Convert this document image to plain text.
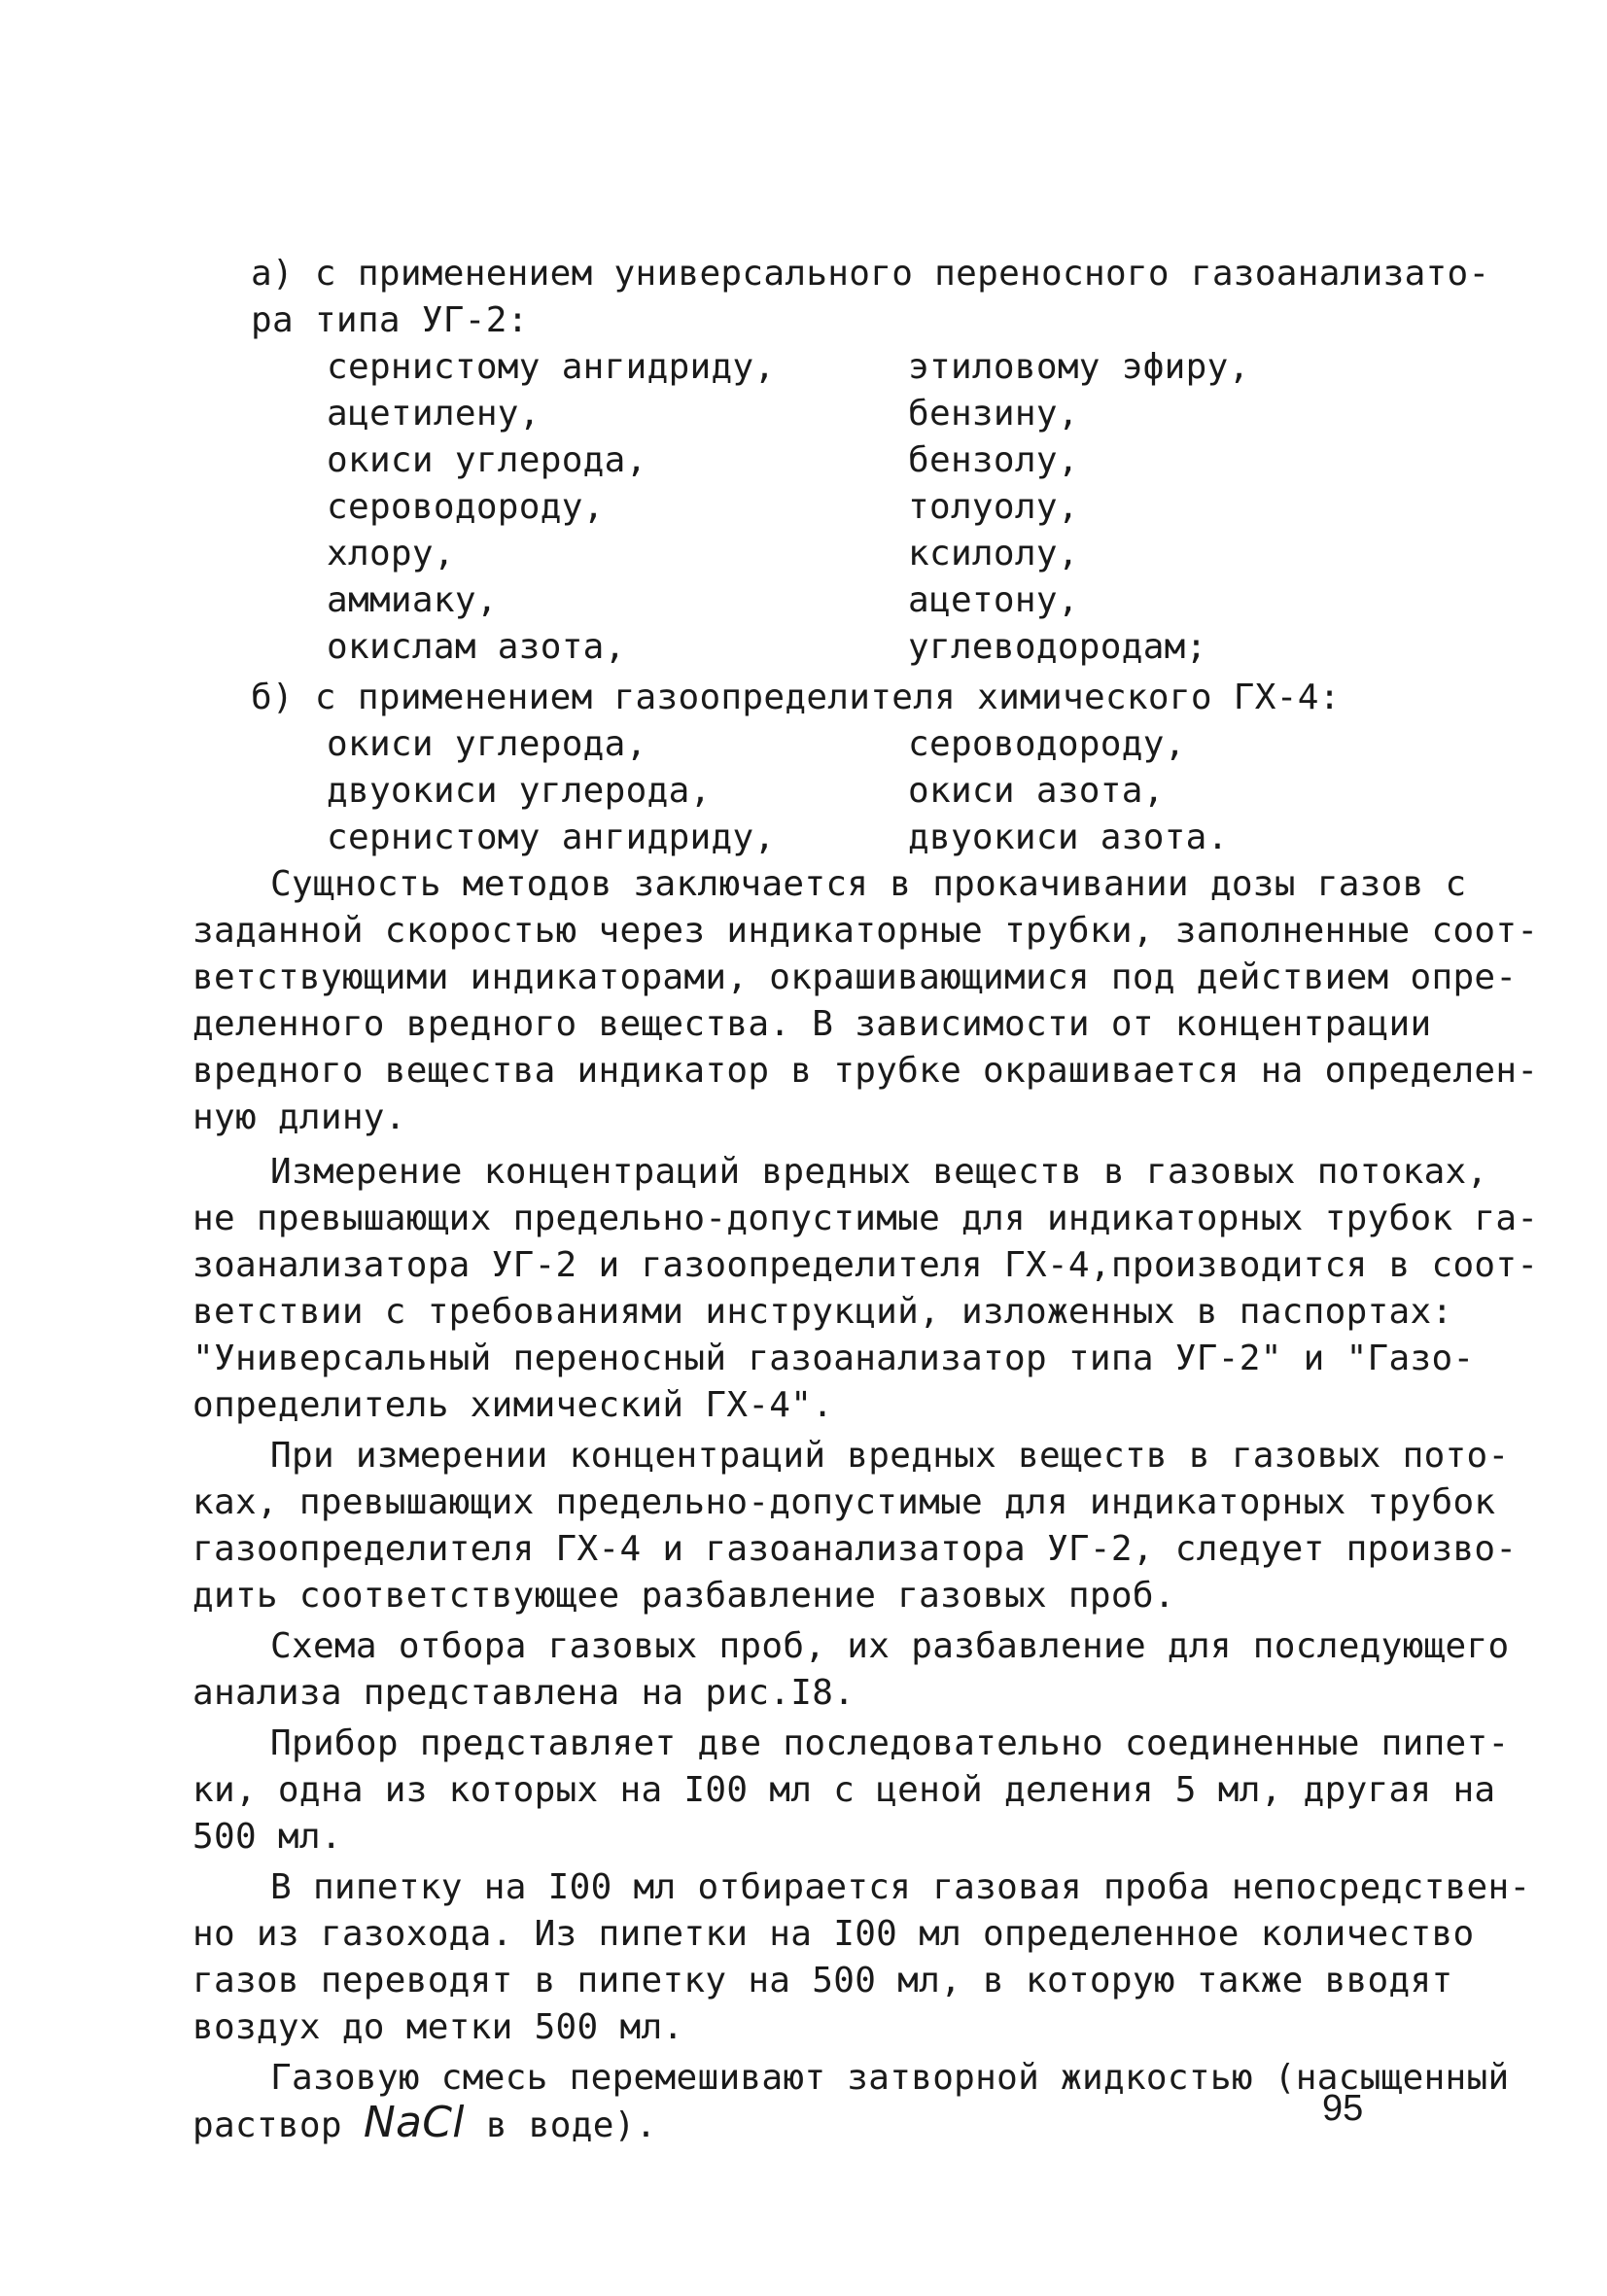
а) с применением универсального переносного газоанализато-
ра типа УГ-2:
сернистому ангидриду,	этиловому эфиру,
ацетилену,	бензину,
окиси углерода,	бензолу,
сероводороду,	толуолу,
хлору,	ксилолу,
аммиаку,	ацетону,
окислам азота,	углеводородам;
б) с применением газоопределителя химического ГХ-4:
окиси углерода,	сероводороду,
двуокиси углерода,	окиси азота,
сернистому ангидриду,	двуокиси азота.
Сущность методов заключается в прокачивании дозы газов с
заданной скоростью через индикаторные трубки, заполненные соот-
ветствующими индикаторами, окрашивающимися под действием опре-
деленного вредного вещества. В зависимости от концентрации
вредного вещества индикатор в трубке окрашивается на определен-
ную длину.
Измерение концентраций вредных веществ в газовых потоках,
не превышающих предельно-допустимые для индикаторных трубок га-
зоанализатора УГ-2 и газоопределителя ГХ-4,производится в соот-
ветствии с требованиями инструкций, изложенных в паспортах:
"Универсальный переносный газоанализатор типа УГ-2" и "Газо-
определитель химический ГХ-4".
При измерении концентраций вредных веществ в газовых пото-
ках, превышающих предельно-допустимые для индикаторных трубок
газоопределителя ГХ-4 и газоанализатора УГ-2, следует произво-
дить соответствующее разбавление газовых проб.
Схема отбора газовых проб, их разбавление для последующего
анализа представлена на рис.I8.
Прибор представляет две последовательно соединенные пипет-
ки, одна из которых на I00 мл с ценой деления 5 мл, другая на
500 мл.
В пипетку на I00 мл отбирается газовая проба непосредствен-
но из газохода. Из пипетки на I00 мл определенное количество
газов переводят в пипетку на 500 мл, в которую также вводят
воздух до метки 500 мл.
Газовую смесь перемешивают затворной жидкостью (насыщенный
раствор NaCl в воде).	95
